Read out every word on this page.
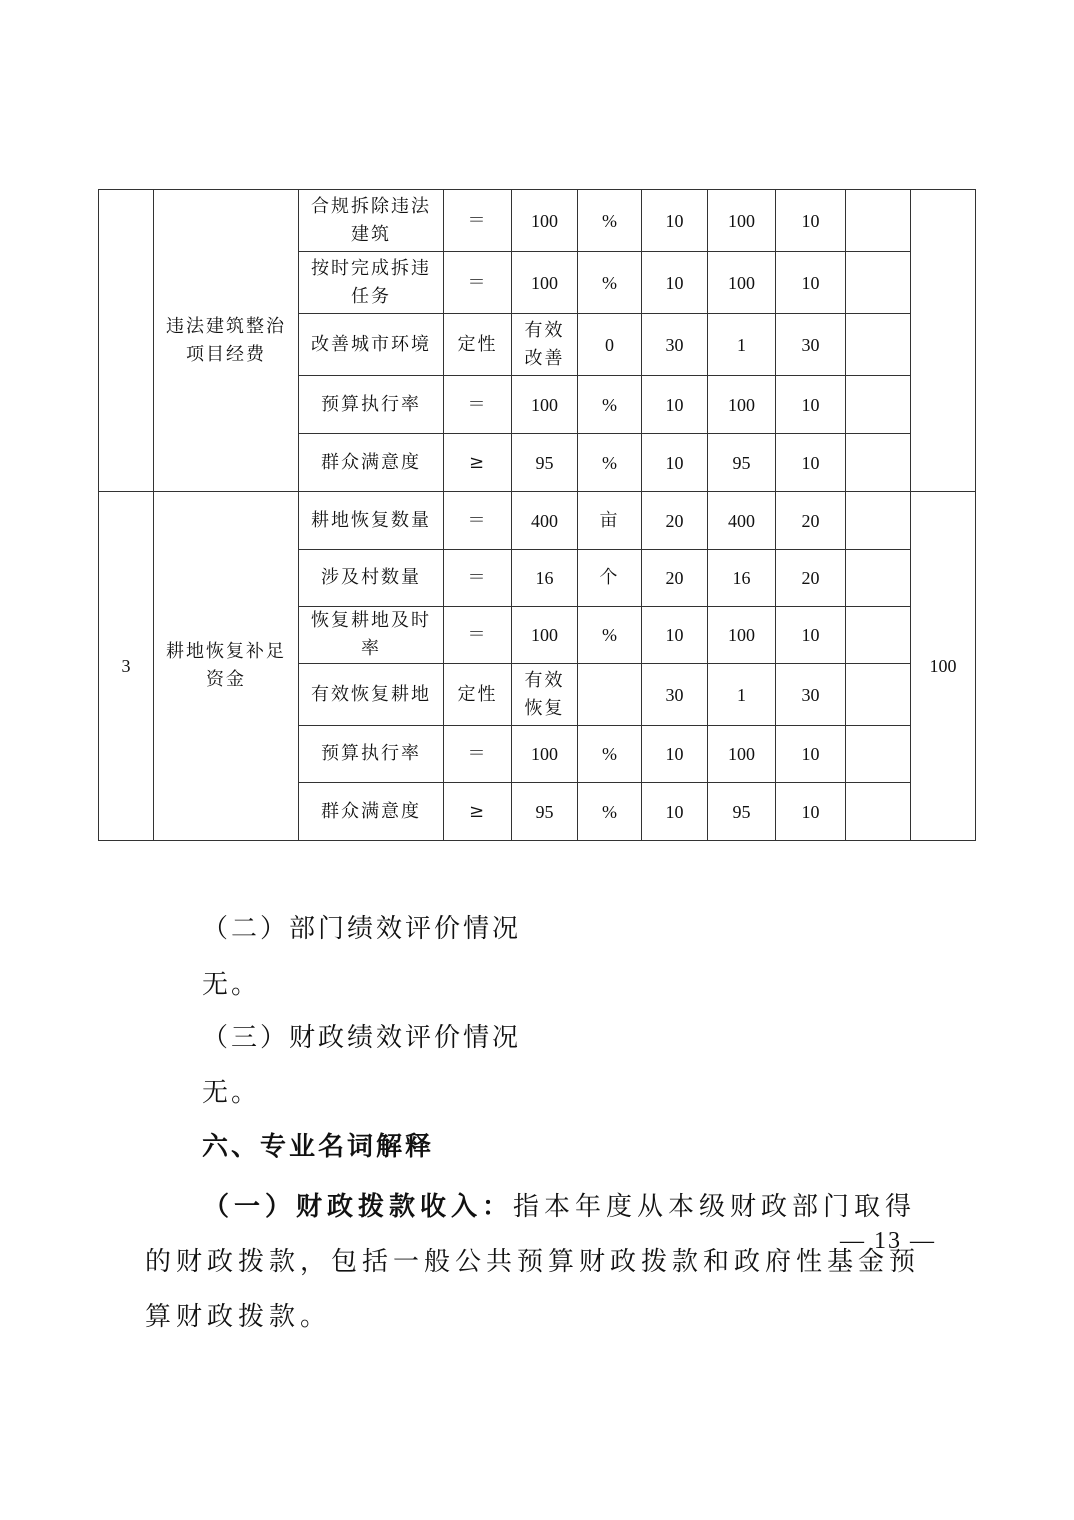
	违法建筑整治项目经费	合规拆除违法建筑	＝	100	%	10	100	10		
		按时完成拆违任务	＝	100	%	10	100	10		
		改善城市环境	定性	有效改善	0	30	1	30		
		预算执行率	＝	100	%	10	100	10		
		群众满意度	≥	95	%	10	95	10		
3	耕地恢复补足资金	耕地恢复数量	＝	400	亩	20	400	20		100
		涉及村数量	＝	16	个	20	16	20		
		恢复耕地及时率	＝	100	%	10	100	10		
		有效恢复耕地	定性	有效恢复		30	1	30		
		预算执行率	＝	100	%	10	100	10		
		群众满意度	≥	95	%	10	95	10		
（二）部门绩效评价情况
无。
（三）财政绩效评价情况
无。
六、专业名词解释
（一）财政拨款收入：指本年度从本级财政部门取得的财政拨款，包括一般公共预算财政拨款和政府性基金预算财政拨款。
— 13 —
